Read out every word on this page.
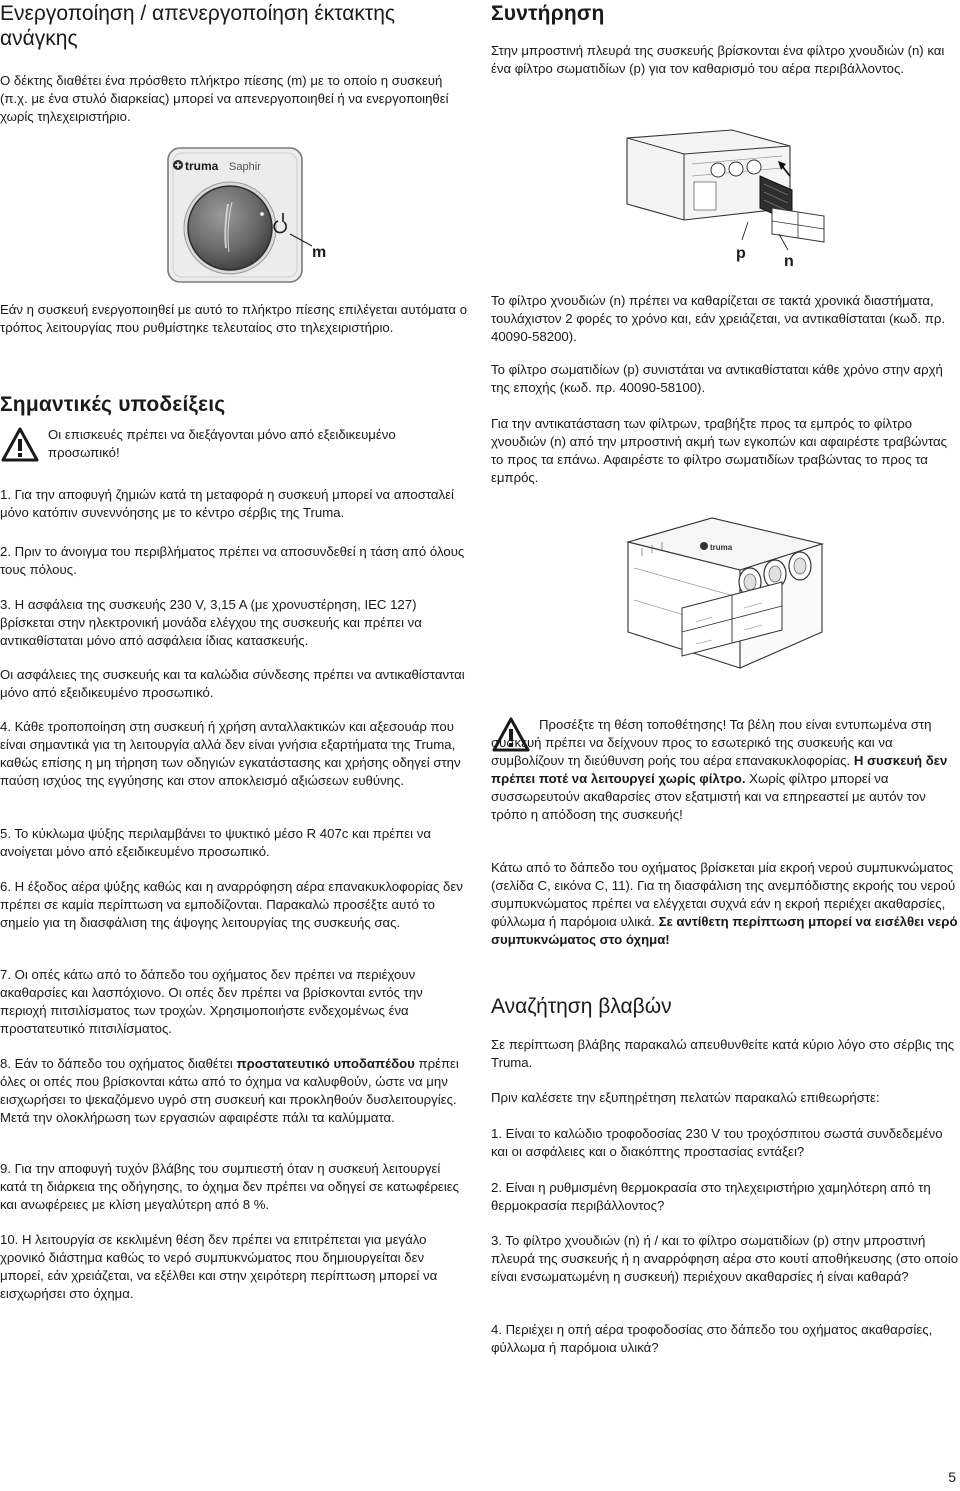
Ενεργοποίηση / απενεργοποίηση έκτακτης ανάγκης

Ο δέκτης διαθέτει ένα πρόσθετο πλήκτρο πίεσης (m) με το οποίο η συσκευή (π.χ. με ένα στυλό διαρκείας) μπορεί να απενεργοποιηθεί ή να ενεργοποιηθεί χωρίς τηλεχειριστήριο.

truma Saphir
m

Εάν η συσκευή ενεργοποιηθεί με αυτό το πλήκτρο πίεσης επιλέγεται αυτόματα ο τρόπος λειτουργίας που ρυθμίστηκε τελευταίος στο τηλεχειριστήριο.

Σημαντικές υποδείξεις

Οι επισκευές πρέπει να διεξάγονται μόνο από εξειδικευμένο προσωπικό!

1. Για την αποφυγή ζημιών κατά τη μεταφορά η συσκευή μπορεί να αποσταλεί μόνο κατόπιν συνεννόησης με το κέντρο σέρβις της Truma.

2. Πριν το άνοιγμα του περιβλήματος πρέπει να αποσυνδεθεί η τάση από όλους τους πόλους.

3. Η ασφάλεια της συσκευής 230 V, 3,15 A (με χρονυστέρηση, IEC 127) βρίσκεται στην ηλεκτρονική μονάδα ελέγχου της συσκευής και πρέπει να αντικαθίσταται μόνο από ασφάλεια ίδιας κατασκευής.

Οι ασφάλειες της συσκευής και τα καλώδια σύνδεσης πρέπει να αντικαθίστανται μόνο από εξειδικευμένο προσωπικό.

4. Κάθε τροποποίηση στη συσκευή ή χρήση ανταλλακτικών και αξεσουάρ που είναι σημαντικά για τη λειτουργία αλλά δεν είναι γνήσια εξαρτήματα της Truma, καθώς επίσης η μη τήρηση των οδηγιών εγκατάστασης και χρήσης οδηγεί στην παύση ισχύος της εγγύησης και στον αποκλεισμό αξιώσεων ευθύνης.

5. Το κύκλωμα ψύξης περιλαμβάνει το ψυκτικό μέσο R 407c και πρέπει να ανοίγεται μόνο από εξειδικευμένο προσωπικό.

6. Η έξοδος αέρα ψύξης καθώς και η αναρρόφηση αέρα επανακυκλοφορίας δεν πρέπει σε καμία περίπτωση να εμποδίζονται. Παρακαλώ προσέξτε αυτό το σημείο για τη διασφάλιση της άψογης λειτουργίας της συσκευής σας.

7. Οι οπές κάτω από το δάπεδο του οχήματος δεν πρέπει να περιέχουν ακαθαρσίες και λασπόχιονο. Οι οπές δεν πρέπει να βρίσκονται εντός την περιοχή πιτσιλίσματος των τροχών. Χρησιμοποιήστε ενδεχομένως ένα προστατευτικό πιτσιλίσματος.

8. Εάν το δάπεδο του οχήματος διαθέτει προστατευτικό υποδαπέδου πρέπει όλες οι οπές που βρίσκονται κάτω από το όχημα να καλυφθούν, ώστε να μην εισχωρήσει το ψεκαζόμενο υγρό στη συσκευή και προκληθούν δυσλειτουργίες. Μετά την ολοκλήρωση των εργασιών αφαιρέστε πάλι τα καλύμματα.

9. Για την αποφυγή τυχόν βλάβης του συμπιεστή όταν η συσκευή λειτουργεί κατά τη διάρκεια της οδήγησης, το όχημα δεν πρέπει να οδηγεί σε κατωφέρειες και ανωφέρειες με κλίση μεγαλύτερη από 8 %.

10. Η λειτουργία σε κεκλιμένη θέση δεν πρέπει να επιτρέπεται για μεγάλο χρονικό διάστημα καθώς το νερό συμπυκνώματος που δημιουργείται δεν μπορεί, εάν χρειάζεται, να εξέλθει και στην χειρότερη περίπτωση μπορεί να εισχωρήσει στο όχημα.

Συντήρηση

Στην μπροστινή πλευρά της συσκευής βρίσκονται ένα φίλτρο χνουδιών (n) και ένα φίλτρο σωματιδίων (p) για τον καθαρισμό του αέρα περιβάλλοντος.

p n

Το φίλτρο χνουδιών (n) πρέπει να καθαρίζεται σε τακτά χρονικά διαστήματα, τουλάχιστον 2 φορές το χρόνο και, εάν χρειάζεται, να αντικαθίσταται (κωδ. πρ. 40090-58200).

Το φίλτρο σωματιδίων (p) συνιστάται να αντικαθίσταται κάθε χρόνο στην αρχή της εποχής (κωδ. πρ. 40090-58100).

Για την αντικατάσταση των φίλτρων, τραβήξτε προς τα εμπρός το φίλτρο χνουδιών (n) από την μπροστινή ακμή των εγκοπών και αφαιρέστε τραβώντας το προς τα επάνω. Αφαιρέστε το φίλτρο σωματιδίων τραβώντας το προς τα εμπρός.

truma

Προσέξτε τη θέση τοποθέτησης! Τα βέλη που είναι εντυπωμένα στη συσκευή πρέπει να δείχνουν προς το εσωτερικό της συσκευής και να συμβολίζουν τη διεύθυνση ροής του αέρα επανακυκλοφορίας. Η συσκευή δεν πρέπει ποτέ να λειτουργεί χωρίς φίλτρο. Χωρίς φίλτρο μπορεί να συσσωρευτούν ακαθαρσίες στον εξατμιστή και να επηρεαστεί με αυτόν τον τρόπο η απόδοση της συσκευής!

Κάτω από το δάπεδο του οχήματος βρίσκεται μία εκροή νερού συμπυκνώματος (σελίδα C, εικόνα C, 11). Για τη διασφάλιση της ανεμπόδιστης εκροής του νερού συμπυκνώματος πρέπει να ελέγχεται συχνά εάν η εκροή περιέχει ακαθαρσίες, φύλλωμα ή παρόμοια υλικά. Σε αντίθετη περίπτωση μπορεί να εισέλθει νερό συμπυκνώματος στο όχημα!

Αναζήτηση βλαβών

Σε περίπτωση βλάβης παρακαλώ απευθυνθείτε κατά κύριο λόγο στο σέρβις της Truma.

Πριν καλέσετε την εξυπηρέτηση πελατών παρακαλώ επιθεωρήστε:

1. Είναι το καλώδιο τροφοδοσίας 230 V του τροχόσπιτου σωστά συνδεδεμένο και οι ασφάλειες και ο διακόπτης προστασίας εντάξει?

2. Είναι η ρυθμισμένη θερμοκρασία στο τηλεχειριστήριο χαμηλότερη από τη θερμοκρασία περιβάλλοντος?

3. Το φίλτρο χνουδιών (n) ή / και το φίλτρο σωματιδίων (p) στην μπροστινή πλευρά της συσκευής ή η αναρρόφηση αέρα στο κουτί αποθήκευσης (στο οποίο είναι ενσωματωμένη η συσκευή) περιέχουν ακαθαρσίες ή είναι καθαρά?

4. Περιέχει η οπή αέρα τροφοδοσίας στο δάπεδο του οχήματος ακαθαρσίες, φύλλωμα ή παρόμοια υλικά?

5
